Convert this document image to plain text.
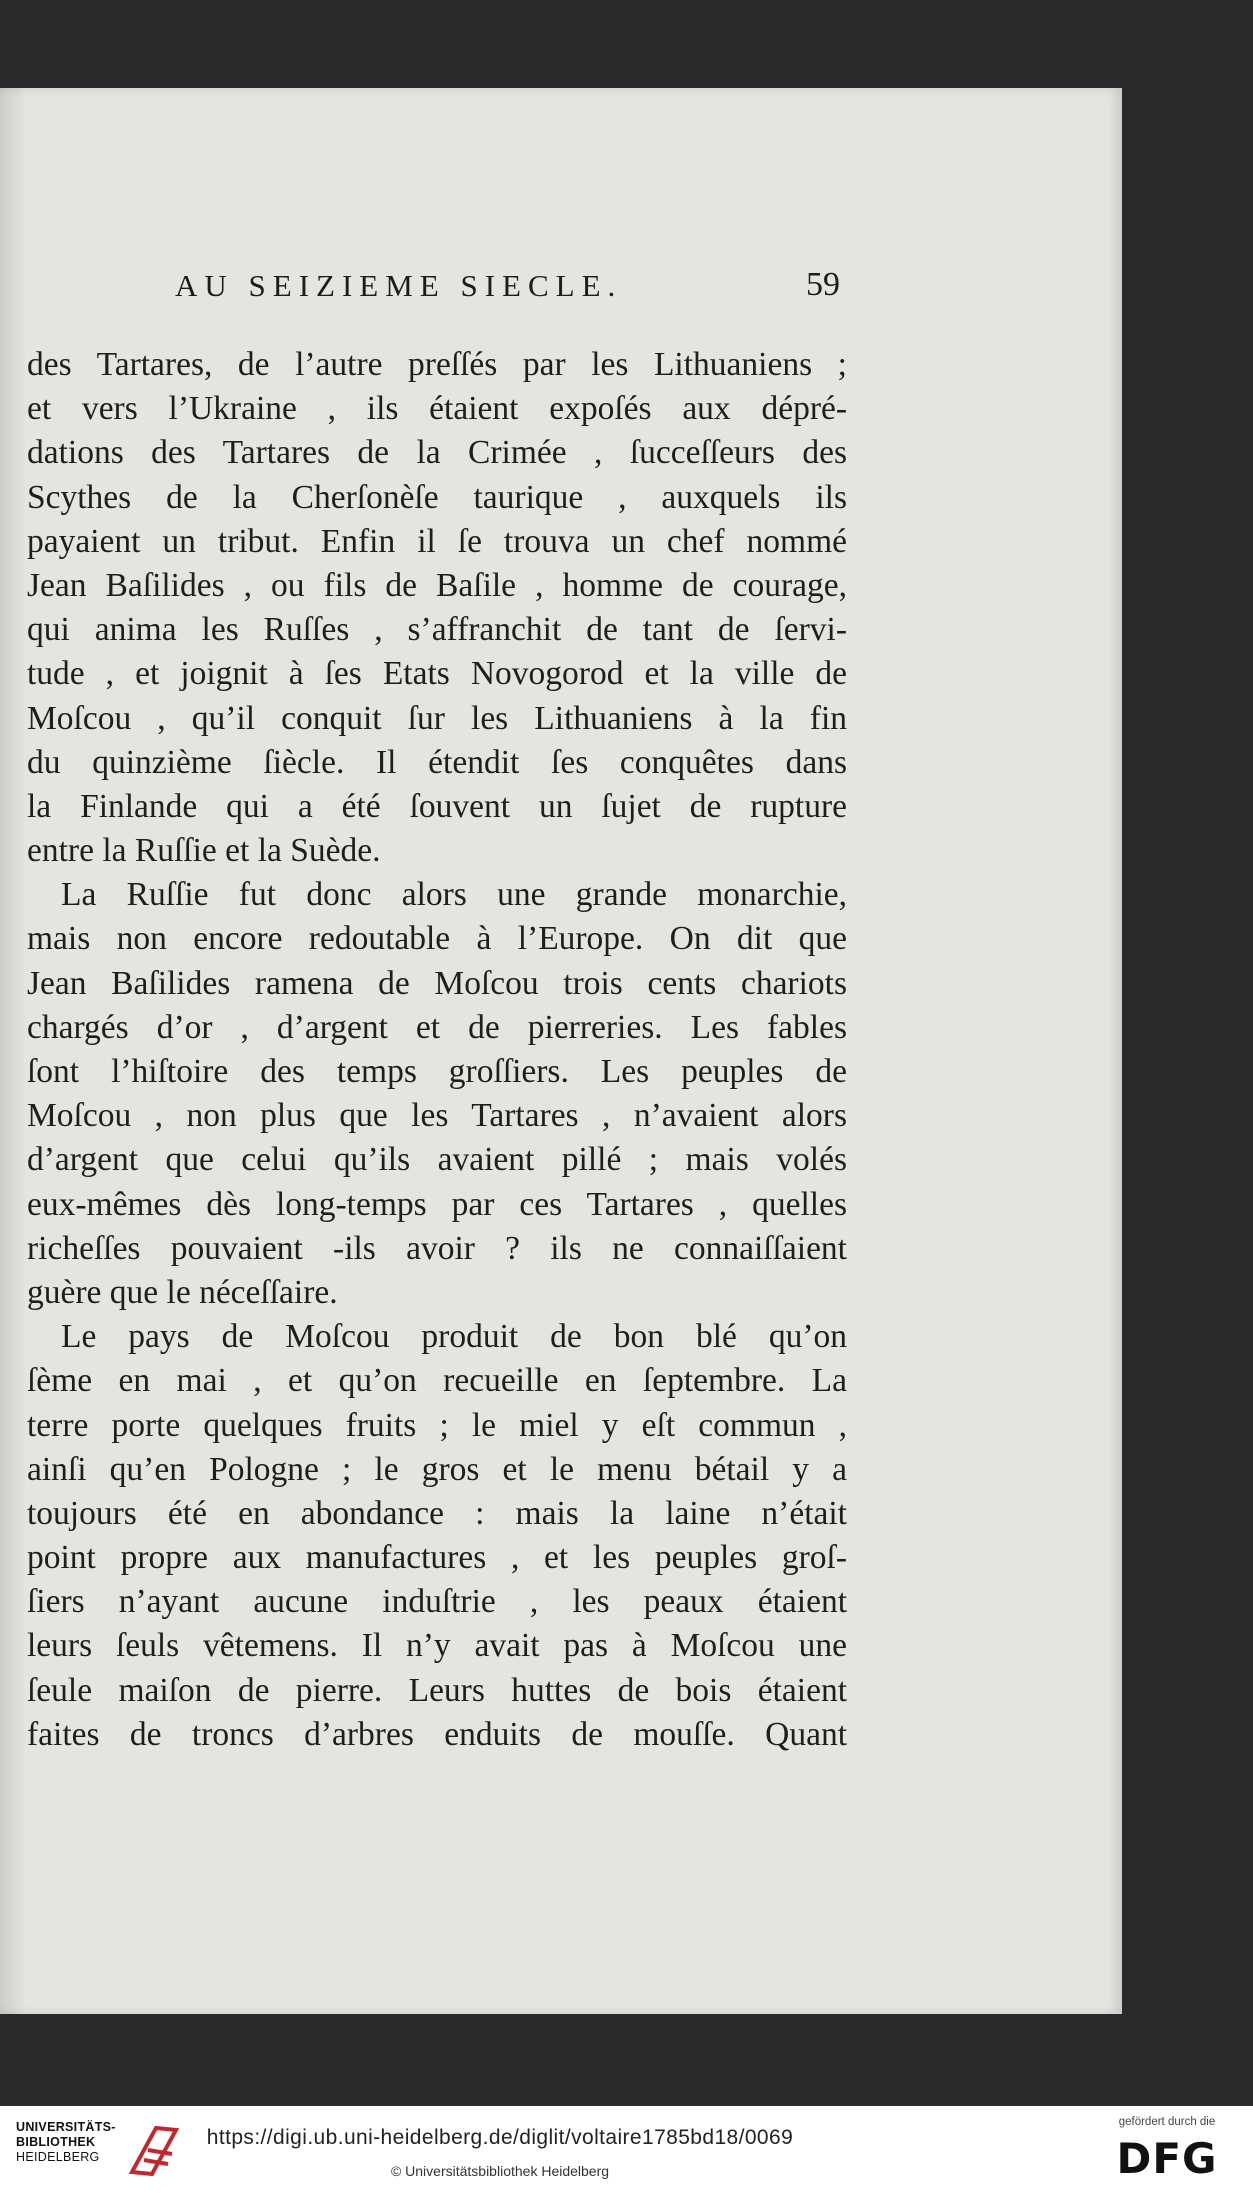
AU SEIZIEME SIECLE.	59
des Tartares, de l’autre preſſés par les Lithuaniens ;
et vers l’Ukraine , ils étaient expoſés aux dépré-
dations des Tartares de la Crimée , ſucceſſeurs des
Scythes de la Cherſonèſe taurique , auxquels ils
payaient un tribut. Enfin il ſe trouva un chef nommé
Jean Baſilides , ou fils de Baſile , homme de courage,
qui anima les Ruſſes , s’affranchit de tant de ſervi-
tude , et joignit à ſes Etats Novogorod et la ville de
Moſcou , qu’il conquit ſur les Lithuaniens à la fin
du quinzième ſiècle. Il étendit ſes conquêtes dans
la Finlande qui a été ſouvent un ſujet de rupture
entre la Ruſſie et la Suède.
La Ruſſie fut donc alors une grande monarchie,
mais non encore redoutable à l’Europe. On dit que
Jean Baſilides ramena de Moſcou trois cents chariots
chargés d’or , d’argent et de pierreries. Les fables
ſont l’hiſtoire des temps groſſiers. Les peuples de
Moſcou , non plus que les Tartares , n’avaient alors
d’argent que celui qu’ils avaient pillé ; mais volés
eux-mêmes dès long-temps par ces Tartares , quelles
richeſſes pouvaient -ils avoir ? ils ne connaiſſaient
guère que le néceſſaire.
Le pays de Moſcou produit de bon blé qu’on
ſème en mai , et qu’on recueille en ſeptembre. La
terre porte quelques fruits ; le miel y eſt commun ,
ainſi qu’en Pologne ; le gros et le menu bétail y a
toujours été en abondance : mais la laine n’était
point propre aux manufactures , et les peuples groſ-
ſiers n’ayant aucune induſtrie , les peaux étaient
leurs ſeuls vêtemens. Il n’y avait pas à Moſcou une
ſeule maiſon de pierre. Leurs huttes de bois étaient
faites de troncs d’arbres enduits de mouſſe. Quant
UNIVERSITÄTS-
BIBLIOTHEK
HEIDELBERG
https://digi.ub.uni-heidelberg.de/diglit/voltaire1785bd18/0069
© Universitätsbibliothek Heidelberg
gefördert durch die
DFG
